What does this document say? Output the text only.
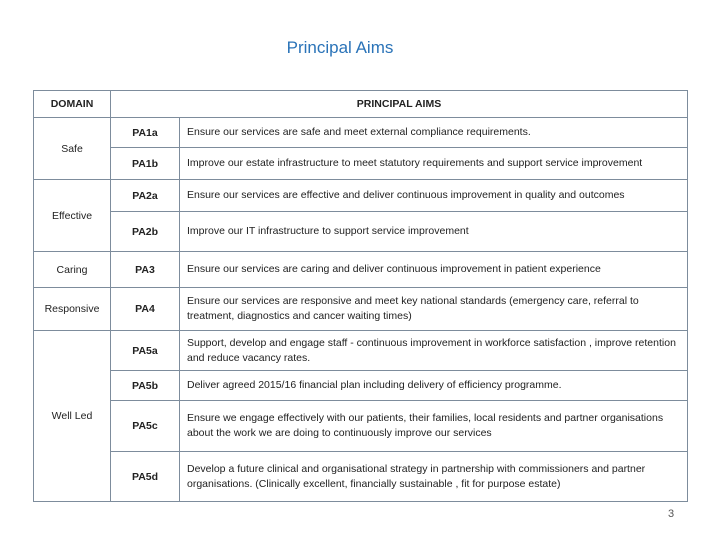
Principal Aims
DOMAIN	PRINCIPAL AIMS	
Safe	PA1a	Ensure our services are safe and meet external compliance requirements.
	PA1b	Improve our estate infrastructure to meet statutory requirements and support service improvement
Effective	PA2a	Ensure our services are effective and deliver continuous improvement in quality and outcomes
	PA2b	Improve our IT infrastructure to support service improvement
Caring	PA3	Ensure our services are caring and deliver continuous improvement in patient experience
Responsive	PA4	Ensure our services are responsive and meet key national standards (emergency care, referral to treatment, diagnostics and cancer waiting times)
Well Led	PA5a	Support, develop and engage staff - continuous improvement in workforce satisfaction , improve retention and reduce vacancy rates.
	PA5b	Deliver agreed 2015/16 financial plan including delivery of efficiency programme.
	PA5c	Ensure we engage effectively with our patients, their families, local residents and partner organisations about the work we are doing to continuously improve our services
	PA5d	Develop a future clinical and organisational strategy in partnership with commissioners and partner organisations. (Clinically excellent, financially sustainable , fit for purpose estate)
3
